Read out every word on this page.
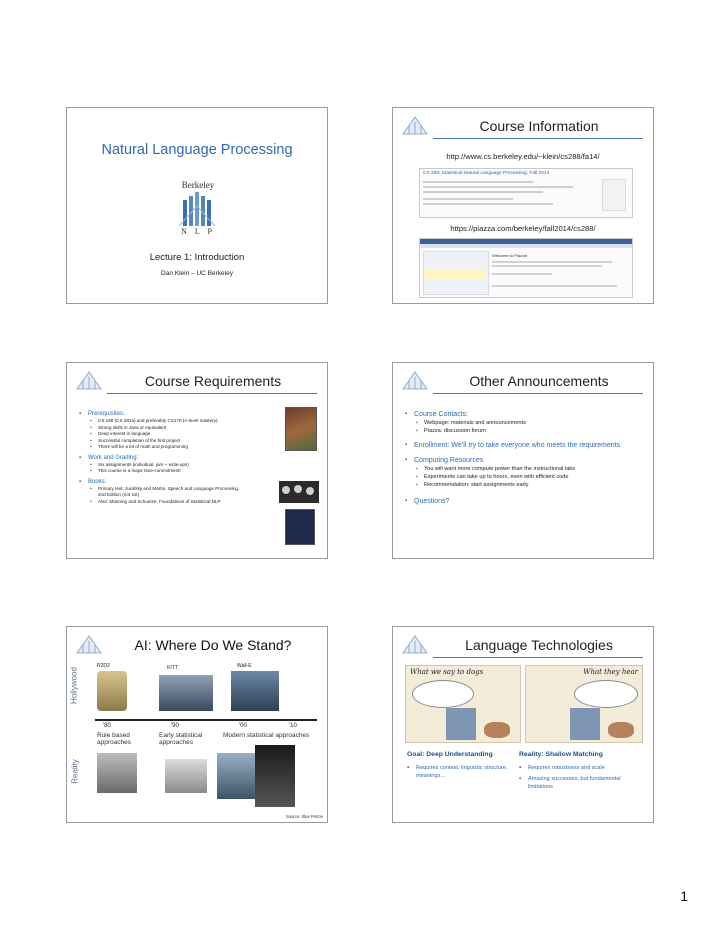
Natural Language Processing
Berkeley
N L P
Lecture 1: Introduction
Dan Klein – UC Berkeley
Course Information
http://www.cs.berkeley.edu/~klein/cs288/fa14/
CS 288: Statistical Natural Language Processing, Fall 2014
https://piazza.com/berkeley/fall2014/cs288/
Welcome to Piazza!
Course Requirements
▪ Prerequisites:
▪ CS 188 (CS 281a) and preferably CS170 (A-level mastery)
▪ Strong skills in Java or equivalent
▪ Deep interest in language
▪ Successful completion of the first project
▪ There will be a lot of math and programming
▪ Work and Grading:
▪ Six assignments (individual, jars + write-ups)
▪ This course is a major time-commitment!
▪ Books:
▪ Primary text: Jurafsky and Martin, Speech and Language Processing, 2nd Edition (not 1st)
▪ Also: Manning and Schuetze, Foundations of Statistical NLP
Other Announcements
▪ Course Contacts:
▪ Webpage: materials and announcements
▪ Piazza: discussion forum
▪ Enrollment: We’ll try to take everyone who meets the requirements
▪ Computing Resources
▪ You will want more compute power than the instructional labs
▪ Experiments can take up to hours, even with efficient code
▪ Recommendation: start assignments early
▪ Questions?
AI: Where Do We Stand?
Hollywood
Reality
R2D2	KITT	Wall-E
'80	'90	'00	'10
Rule based approaches
Early statistical approaches
Modern statistical approaches
Source: Slav Petrov
Language Technologies
What we say to dogs	What they hear
Goal: Deep Understanding
▪ Requires context, linguistic structure, meanings…
Reality: Shallow Matching
▪ Requires robustness and scale
▪ Amazing successes, but fundamental limitations
1
